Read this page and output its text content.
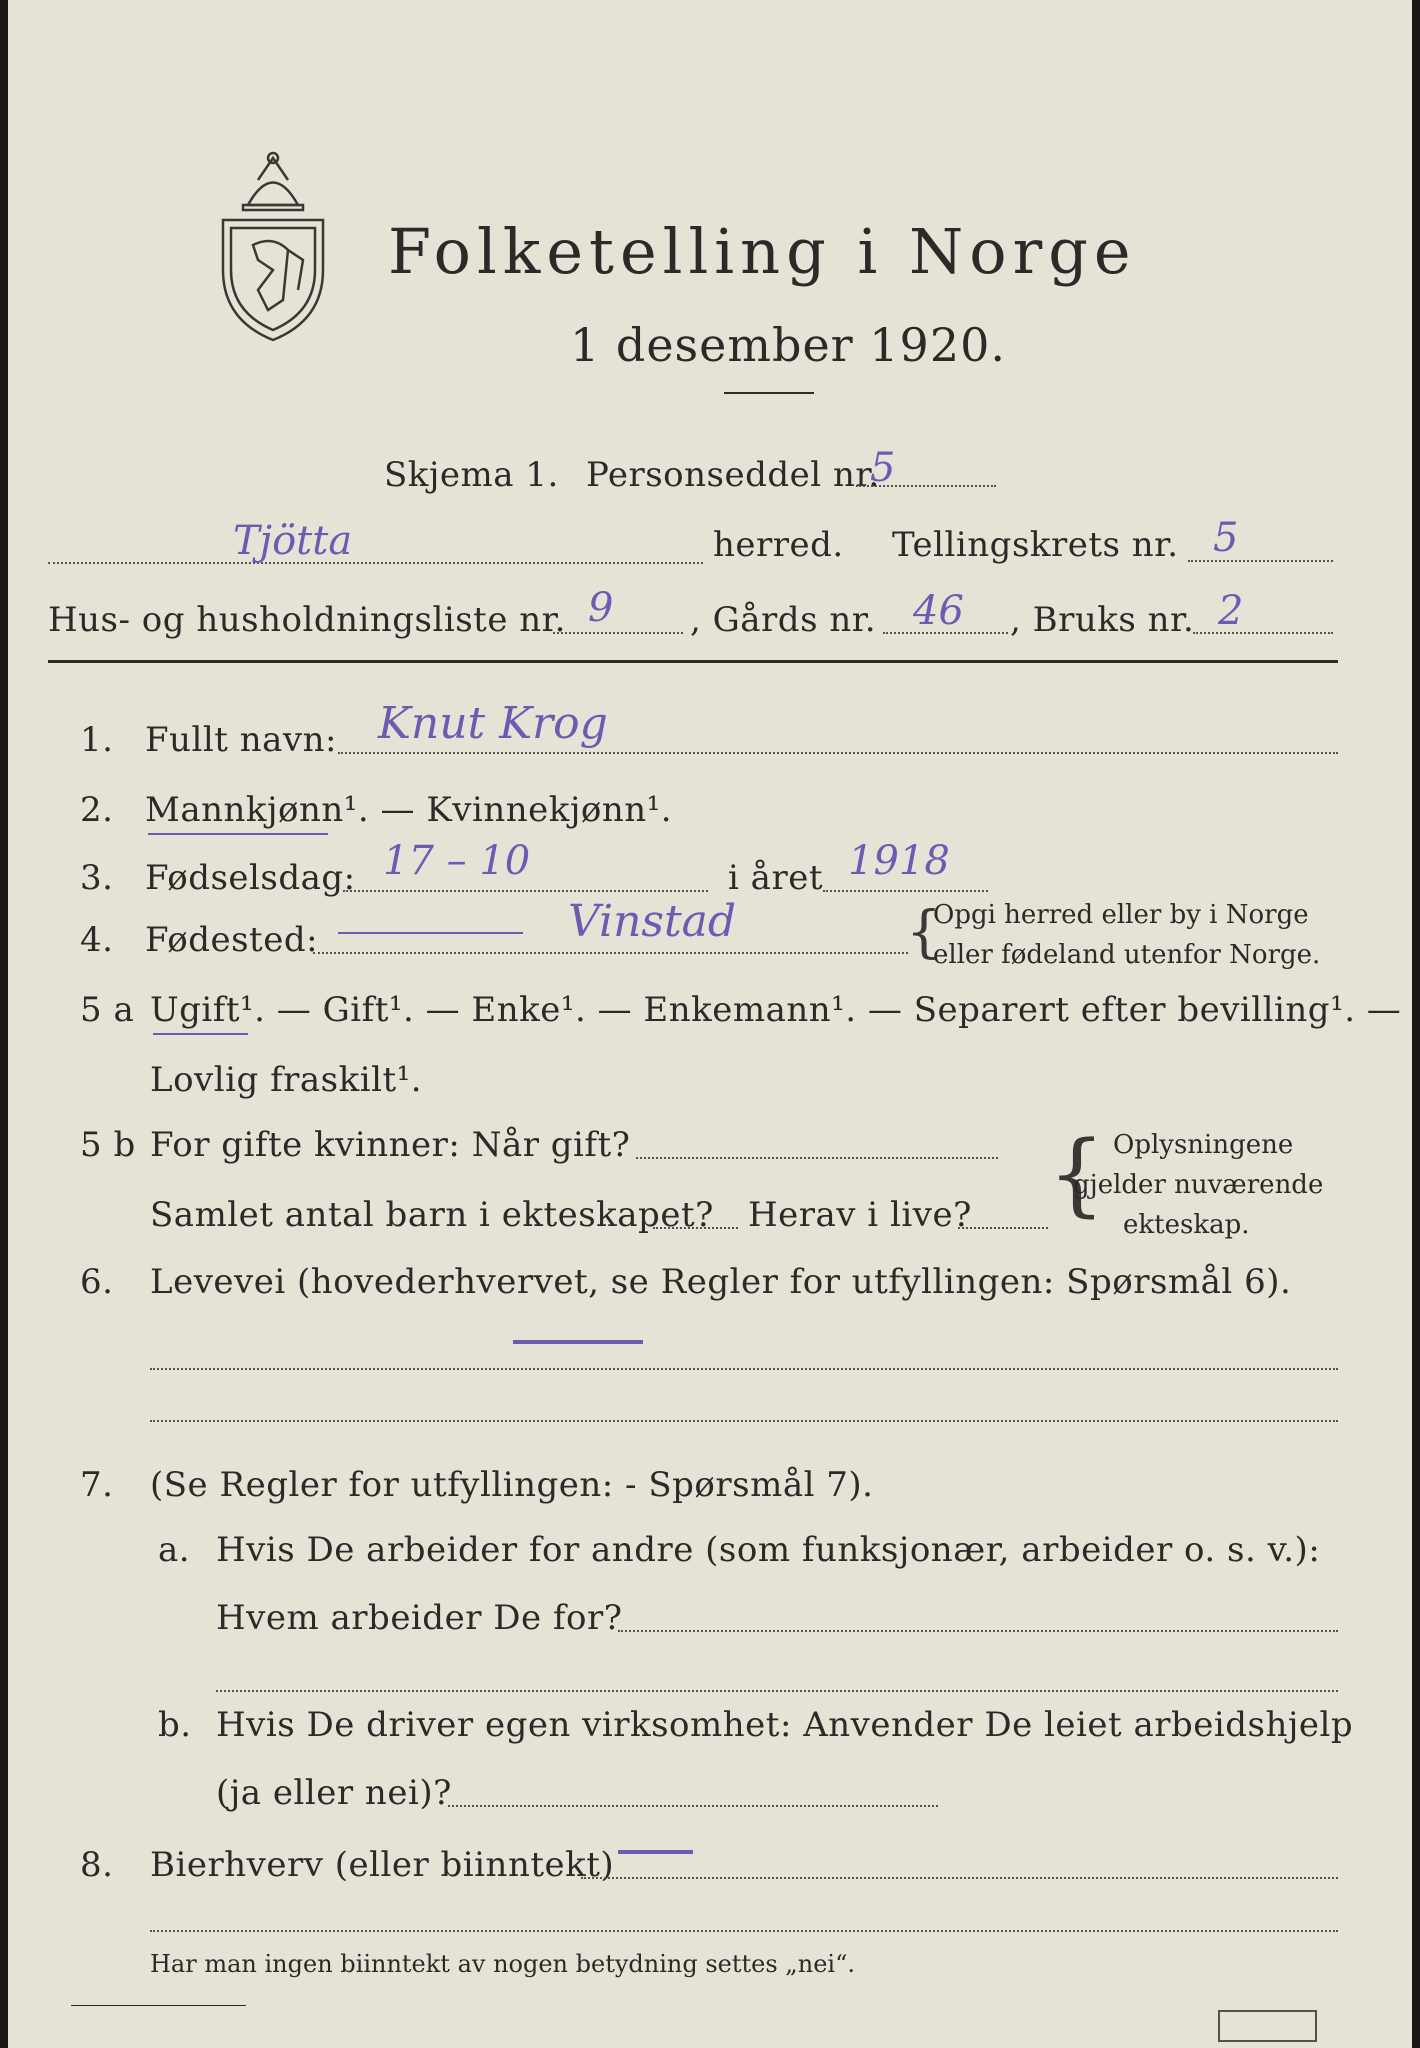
Folketelling i Norge
1 desember 1920.
Skjema 1. Personseddel nr.
5
Tjötta	herred. Tellingskrets nr. 5
Hus- og husholdningsliste nr. 9 , Gårds nr. 46 , Bruks nr. 2
1. Fullt navn: Knut Krog
2. Mannkjønn¹. — Kvinnekjønn¹.
3. Fødselsdag: 17 – 10	i året 1918
4. Fødested:	Vinstad	{
Opgi herred eller by i Norge
eller fødeland utenfor Norge.
5 a Ugift¹. — Gift¹. — Enke¹. — Enkemann¹. — Separert efter bevilling¹. —
Lovlig fraskilt¹.
5 b For gifte kvinner: Når gift?
Samlet antal barn i ekteskapet? Herav i live? { Oplysningene
gjelder nuværende
ekteskap.
6. Levevei (hovederhvervet, se Regler for utfyllingen: Spørsmål 6).
7. (Se Regler for utfyllingen: - Spørsmål 7).
a. Hvis De arbeider for andre (som funksjonær, arbeider o. s. v.):
Hvem arbeider De for?
b. Hvis De driver egen virksomhet: Anvender De leiet arbeidshjelp
(ja eller nei)?
8. Bierhverv (eller biinntekt)
Har man ingen biinntekt av nogen betydning settes „nei“.
